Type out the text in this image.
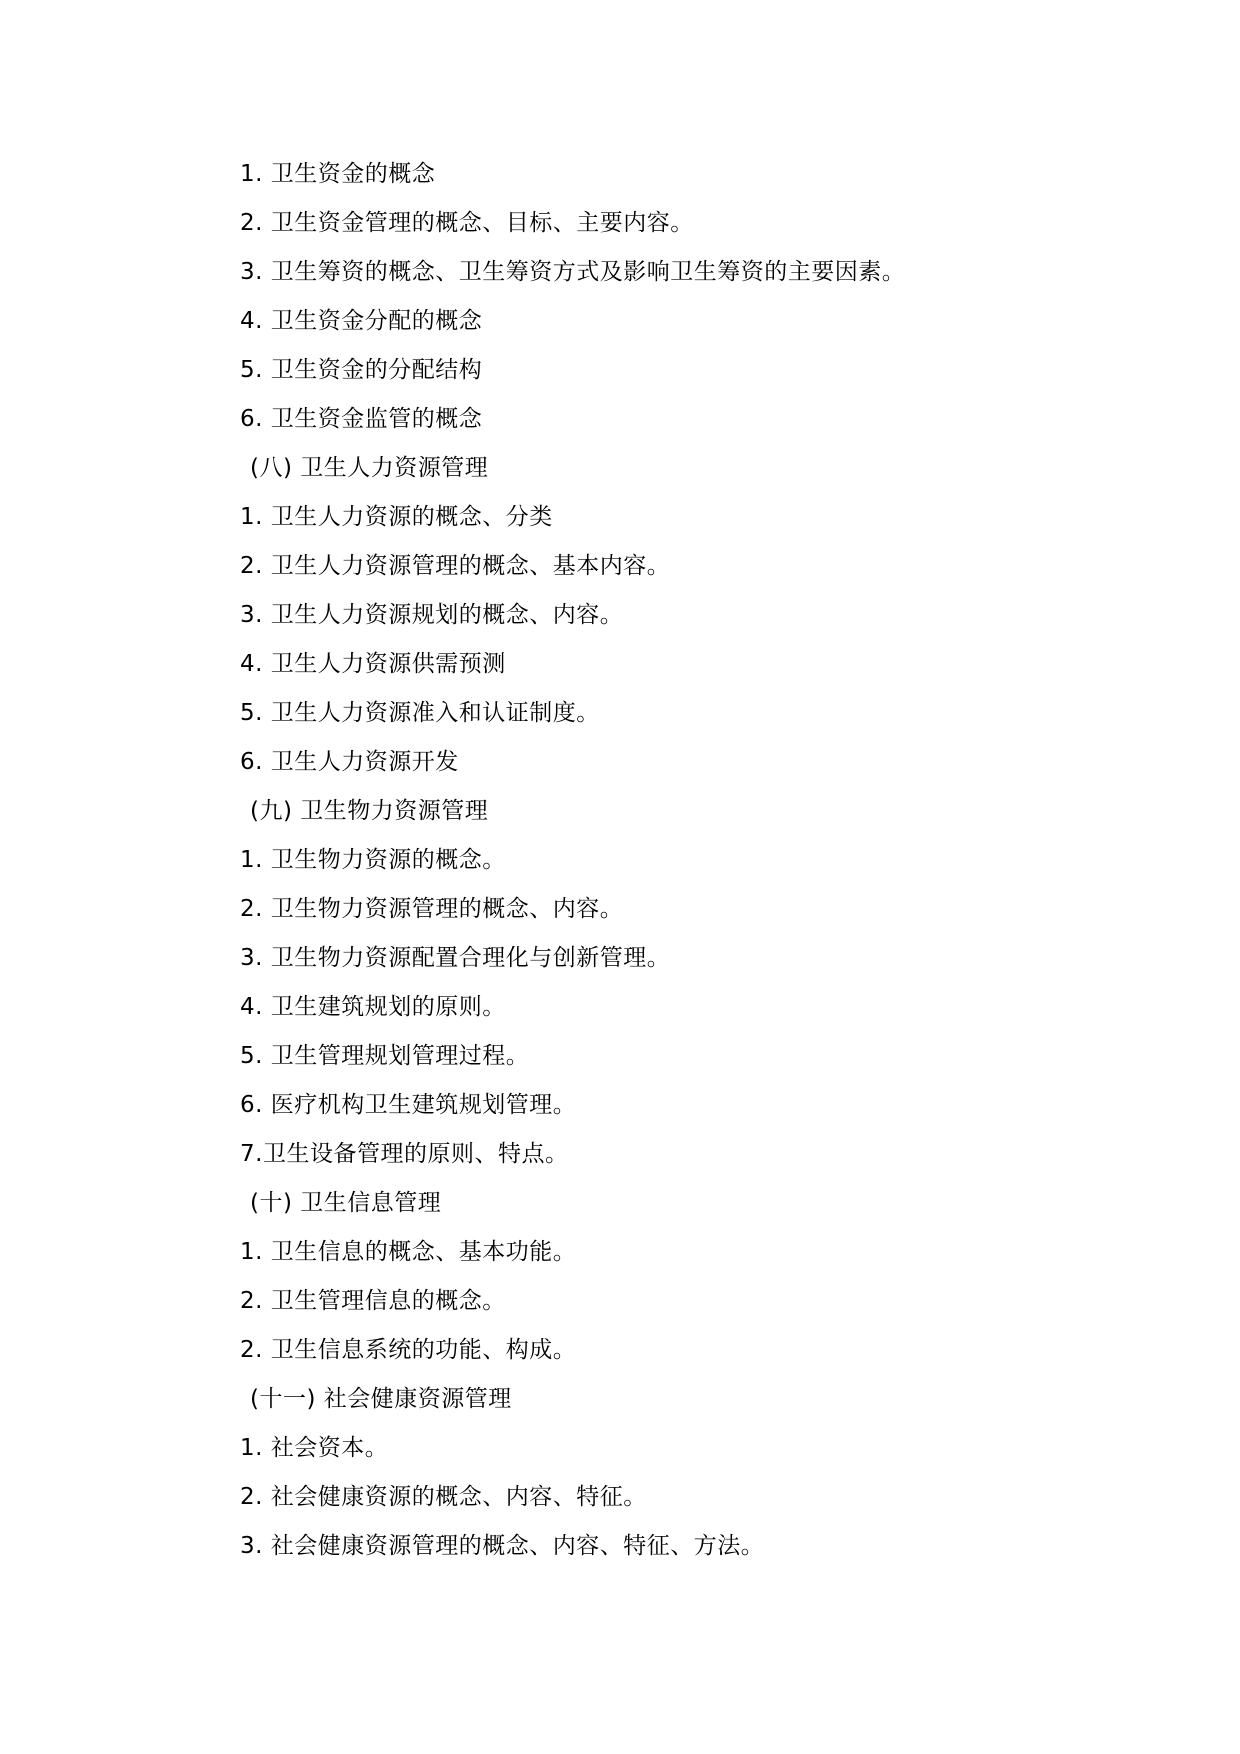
1. 卫生资金的概念
2. 卫生资金管理的概念、目标、主要内容。
3. 卫生筹资的概念、卫生筹资方式及影响卫生筹资的主要因素。
4. 卫生资金分配的概念
5. 卫生资金的分配结构
6. 卫生资金监管的概念
(八) 卫生人力资源管理
1. 卫生人力资源的概念、分类
2. 卫生人力资源管理的概念、基本内容。
3. 卫生人力资源规划的概念、内容。
4. 卫生人力资源供需预测
5. 卫生人力资源准入和认证制度。
6. 卫生人力资源开发
(九) 卫生物力资源管理
1. 卫生物力资源的概念。
2. 卫生物力资源管理的概念、内容。
3. 卫生物力资源配置合理化与创新管理。
4. 卫生建筑规划的原则。
5. 卫生管理规划管理过程。
6. 医疗机构卫生建筑规划管理。
7.卫生设备管理的原则、特点。
(十) 卫生信息管理
1. 卫生信息的概念、基本功能。
2. 卫生管理信息的概念。
2. 卫生信息系统的功能、构成。
(十一) 社会健康资源管理
1. 社会资本。
2. 社会健康资源的概念、内容、特征。
3. 社会健康资源管理的概念、内容、特征、方法。
